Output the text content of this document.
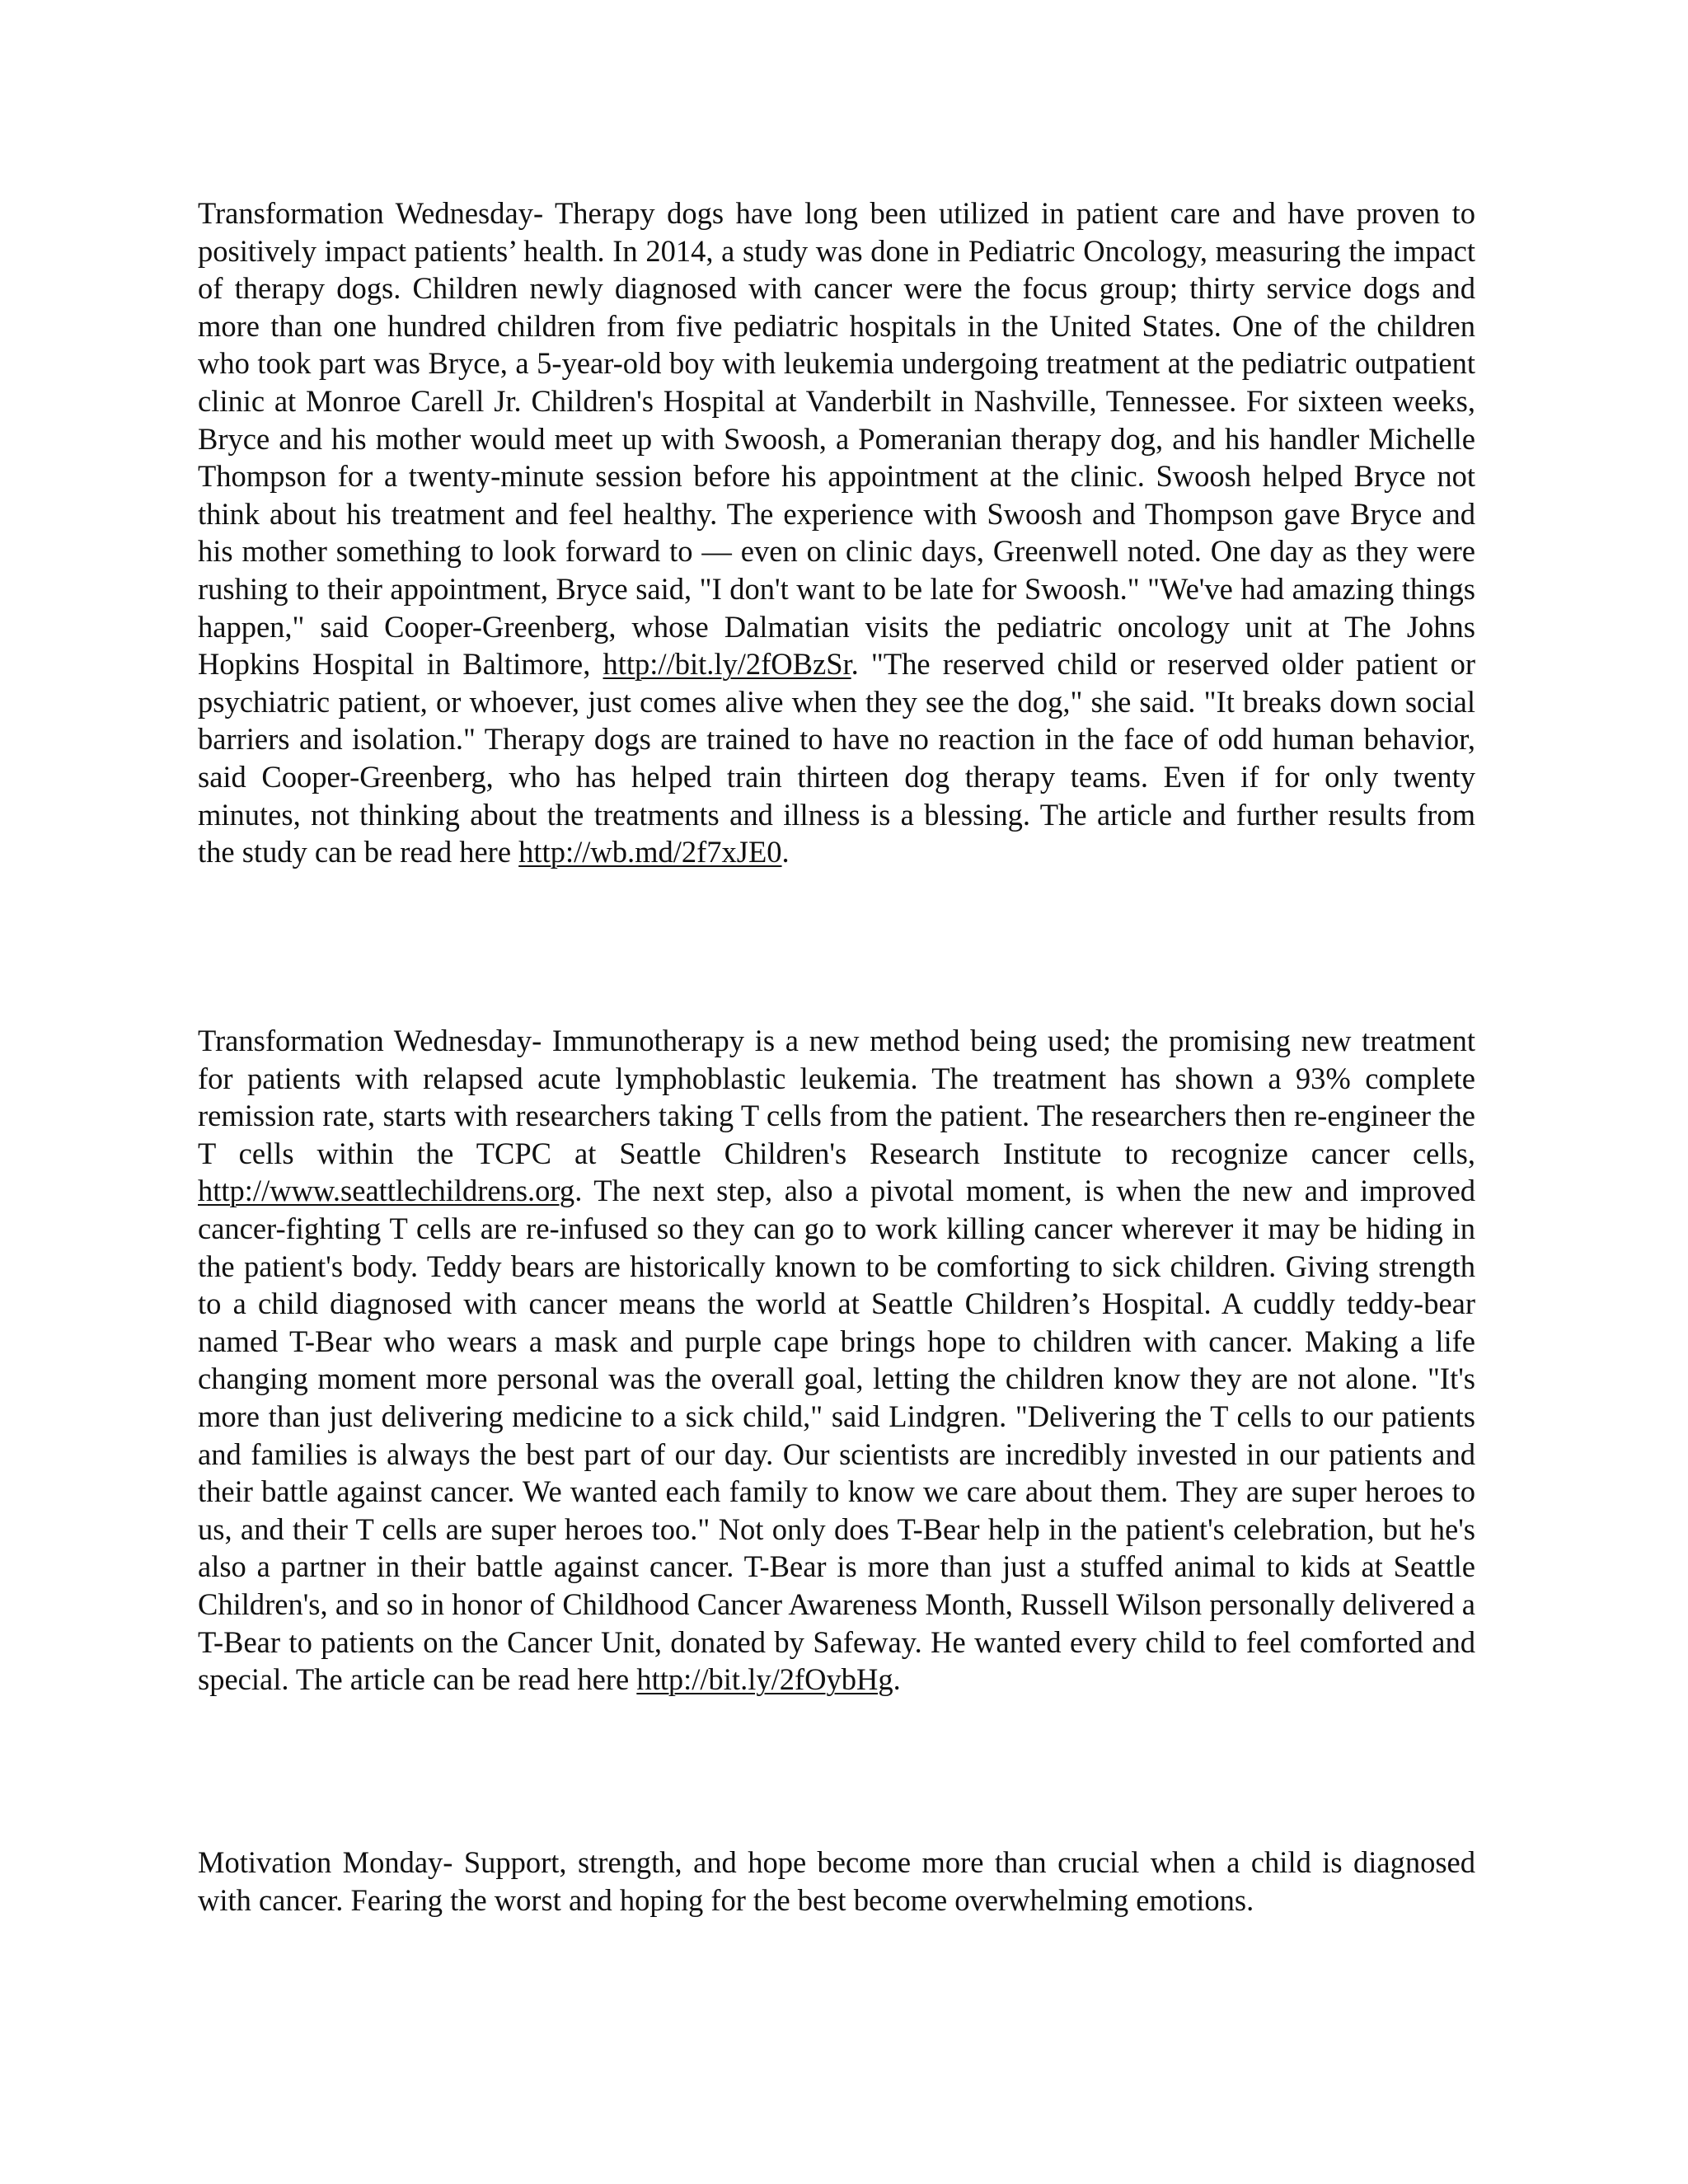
Transformation Wednesday- Therapy dogs have long been utilized in patient care and have proven to positively impact patients’ health. In 2014, a study was done in Pediatric Oncology, measuring the impact of therapy dogs. Children newly diagnosed with cancer were the focus group; thirty service dogs and more than one hundred children from five pediatric hospitals in the United States. One of the children who took part was Bryce, a 5-year-old boy with leukemia undergoing treatment at the pediatric outpatient clinic at Monroe Carell Jr. Children's Hospital at Vanderbilt in Nashville, Tennessee. For sixteen weeks, Bryce and his mother would meet up with Swoosh, a Pomeranian therapy dog, and his handler Michelle Thompson for a twenty-minute session before his appointment at the clinic. Swoosh helped Bryce not think about his treatment and feel healthy. The experience with Swoosh and Thompson gave Bryce and his mother something to look forward to — even on clinic days, Greenwell noted. One day as they were rushing to their appointment, Bryce said, "I don't want to be late for Swoosh." "We've had amazing things happen," said Cooper-Greenberg, whose Dalmatian visits the pediatric oncology unit at The Johns Hopkins Hospital in Baltimore, http://bit.ly/2fOBzSr. "The reserved child or reserved older patient or psychiatric patient, or whoever, just comes alive when they see the dog," she said. "It breaks down social barriers and isolation." Therapy dogs are trained to have no reaction in the face of odd human behavior, said Cooper-Greenberg, who has helped train thirteen dog therapy teams. Even if for only twenty minutes, not thinking about the treatments and illness is a blessing. The article and further results from the study can be read here http://wb.md/2f7xJE0.

Transformation Wednesday- Immunotherapy is a new method being used; the promising new treatment for patients with relapsed acute lymphoblastic leukemia. The treatment has shown a 93% complete remission rate, starts with researchers taking T cells from the patient. The researchers then re-engineer the T cells within the TCPC at Seattle Children's Research Institute to recognize cancer cells, http://www.seattlechildrens.org. The next step, also a pivotal moment, is when the new and improved cancer-fighting T cells are re-infused so they can go to work killing cancer wherever it may be hiding in the patient's body. Teddy bears are historically known to be comforting to sick children. Giving strength to a child diagnosed with cancer means the world at Seattle Children’s Hospital. A cuddly teddy-bear named T-Bear who wears a mask and purple cape brings hope to children with cancer. Making a life changing moment more personal was the overall goal, letting the children know they are not alone. "It's more than just delivering medicine to a sick child," said Lindgren. "Delivering the T cells to our patients and families is always the best part of our day. Our scientists are incredibly invested in our patients and their battle against cancer. We wanted each family to know we care about them. They are super heroes to us, and their T cells are super heroes too." Not only does T-Bear help in the patient's celebration, but he's also a partner in their battle against cancer. T-Bear is more than just a stuffed animal to kids at Seattle Children's, and so in honor of Childhood Cancer Awareness Month, Russell Wilson personally delivered a T-Bear to patients on the Cancer Unit, donated by Safeway. He wanted every child to feel comforted and special. The article can be read here http://bit.ly/2fOybHg.

Motivation Monday- Support, strength, and hope become more than crucial when a child is diagnosed with cancer. Fearing the worst and hoping for the best become overwhelming emotions.
